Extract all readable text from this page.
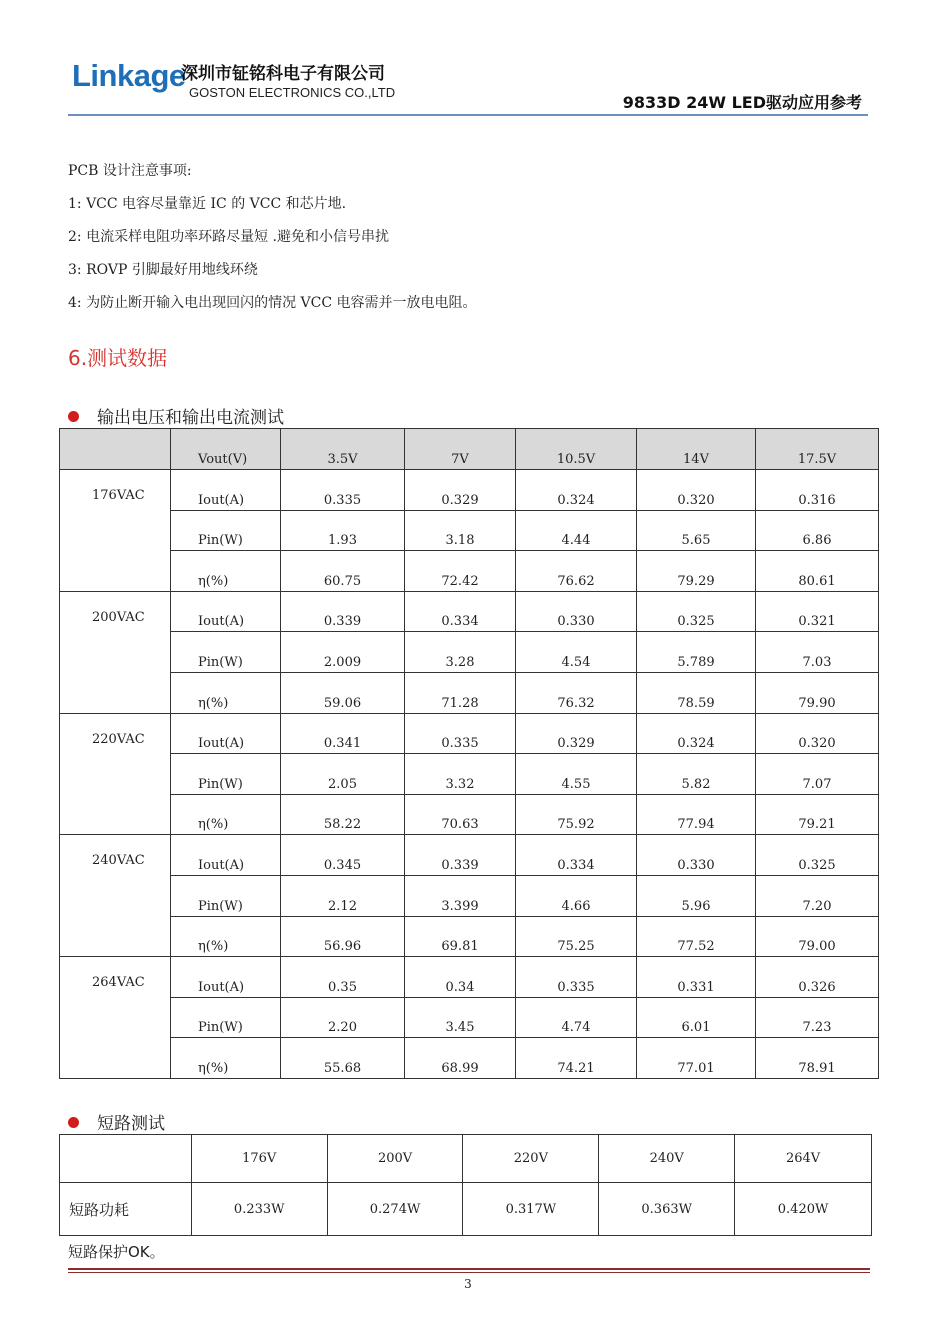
Linkage
深圳市钲铭科电子有限公司
GOSTON ELECTRONICS CO.,LTD
9833D 24W LED驱动应用参考
PCB 设计注意事项:
1: VCC 电容尽量靠近 IC 的 VCC 和芯片地.
2: 电流采样电阻功率环路尽量短 .避免和小信号串扰
3: ROVP 引脚最好用地线环绕
4: 为防止断开输入电出现回闪的情况 VCC 电容需并一放电电阻。
6.测试数据
输出电压和输出电流测试
	Vout(V)	3.5V	7V	10.5V	14V	17.5V
176VAC	Iout(A)	0.335	0.329	0.324	0.320	0.316
	Pin(W)	1.93	3.18	4.44	5.65	6.86
	η(%)	60.75	72.42	76.62	79.29	80.61
200VAC	Iout(A)	0.339	0.334	0.330	0.325	0.321
	Pin(W)	2.009	3.28	4.54	5.789	7.03
	η(%)	59.06	71.28	76.32	78.59	79.90
220VAC	Iout(A)	0.341	0.335	0.329	0.324	0.320
	Pin(W)	2.05	3.32	4.55	5.82	7.07
	η(%)	58.22	70.63	75.92	77.94	79.21
240VAC	Iout(A)	0.345	0.339	0.334	0.330	0.325
	Pin(W)	2.12	3.399	4.66	5.96	7.20
	η(%)	56.96	69.81	75.25	77.52	79.00
264VAC	Iout(A)	0.35	0.34	0.335	0.331	0.326
	Pin(W)	2.20	3.45	4.74	6.01	7.23
	η(%)	55.68	68.99	74.21	77.01	78.91
短路测试
	176V	200V	220V	240V	264V
短路功耗	0.233W	0.274W	0.317W	0.363W	0.420W
短路保护OK。
3
